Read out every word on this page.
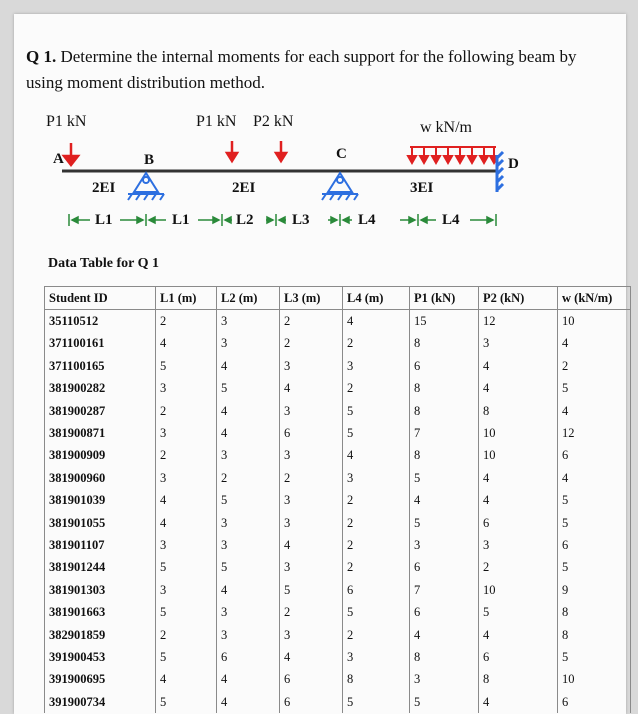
Q 1. Determine the internal moments for each support for the following beam by using moment distribution method.
P1 kN	P1 kN P2 kN	w kN/m
A	B	C
D
2EI	2EI	3EI
L1	L1	L2	L3	L4	L4
Data Table for Q 1
Student ID	L1 (m)	L2 (m)	L3 (m)	L4 (m)	P1 (kN)	P2 (kN)	w (kN/m)
35110512	2	3	2	4	15	12	10
371100161	4	3	2	2	8	3	4
371100165	5	4	3	3	6	4	2
381900282	3	5	4	2	8	4	5
381900287	2	4	3	5	8	8	4
381900871	3	4	6	5	7	10	12
381900909	2	3	3	4	8	10	6
381900960	3	2	2	3	5	4	4
381901039	4	5	3	2	4	4	5
381901055	4	3	3	2	5	6	5
381901107	3	3	4	2	3	3	6
381901244	5	5	3	2	6	2	5
381901303	3	4	5	6	7	10	9
381901663	5	3	2	5	6	5	8
382901859	2	3	3	2	4	4	8
391900453	5	6	4	3	8	6	5
391900695	4	4	6	8	3	8	10
391900734	5	4	6	5	5	4	6
